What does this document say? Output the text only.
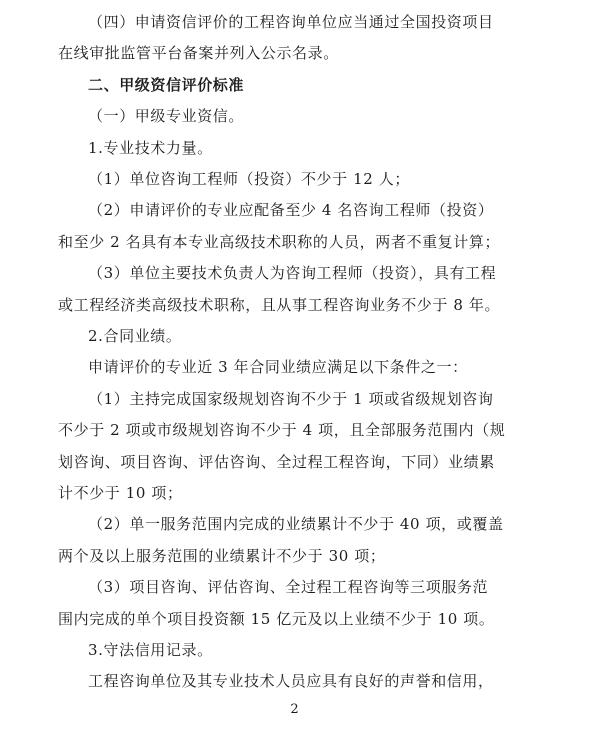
（四）申请资信评价的工程咨询单位应当通过全国投资项目
在线审批监管平台备案并列入公示名录。
二、甲级资信评价标准
（一）甲级专业资信。
1.专业技术力量。
（1）单位咨询工程师（投资）不少于 12 人；
（2）申请评价的专业应配备至少 4 名咨询工程师（投资）
和至少 2 名具有本专业高级技术职称的人员，两者不重复计算；
（3）单位主要技术负责人为咨询工程师（投资），具有工程
或工程经济类高级技术职称，且从事工程咨询业务不少于 8 年。
2.合同业绩。
申请评价的专业近 3 年合同业绩应满足以下条件之一：
（1）主持完成国家级规划咨询不少于 1 项或省级规划咨询
不少于 2 项或市级规划咨询不少于 4 项，且全部服务范围内（规
划咨询、项目咨询、评估咨询、全过程工程咨询，下同）业绩累
计不少于 10 项；
（2）单一服务范围内完成的业绩累计不少于 40 项，或覆盖
两个及以上服务范围的业绩累计不少于 30 项；
（3）项目咨询、评估咨询、全过程工程咨询等三项服务范
围内完成的单个项目投资额 15 亿元及以上业绩不少于 10 项。
3.守法信用记录。
工程咨询单位及其专业技术人员应具有良好的声誉和信用，
2
